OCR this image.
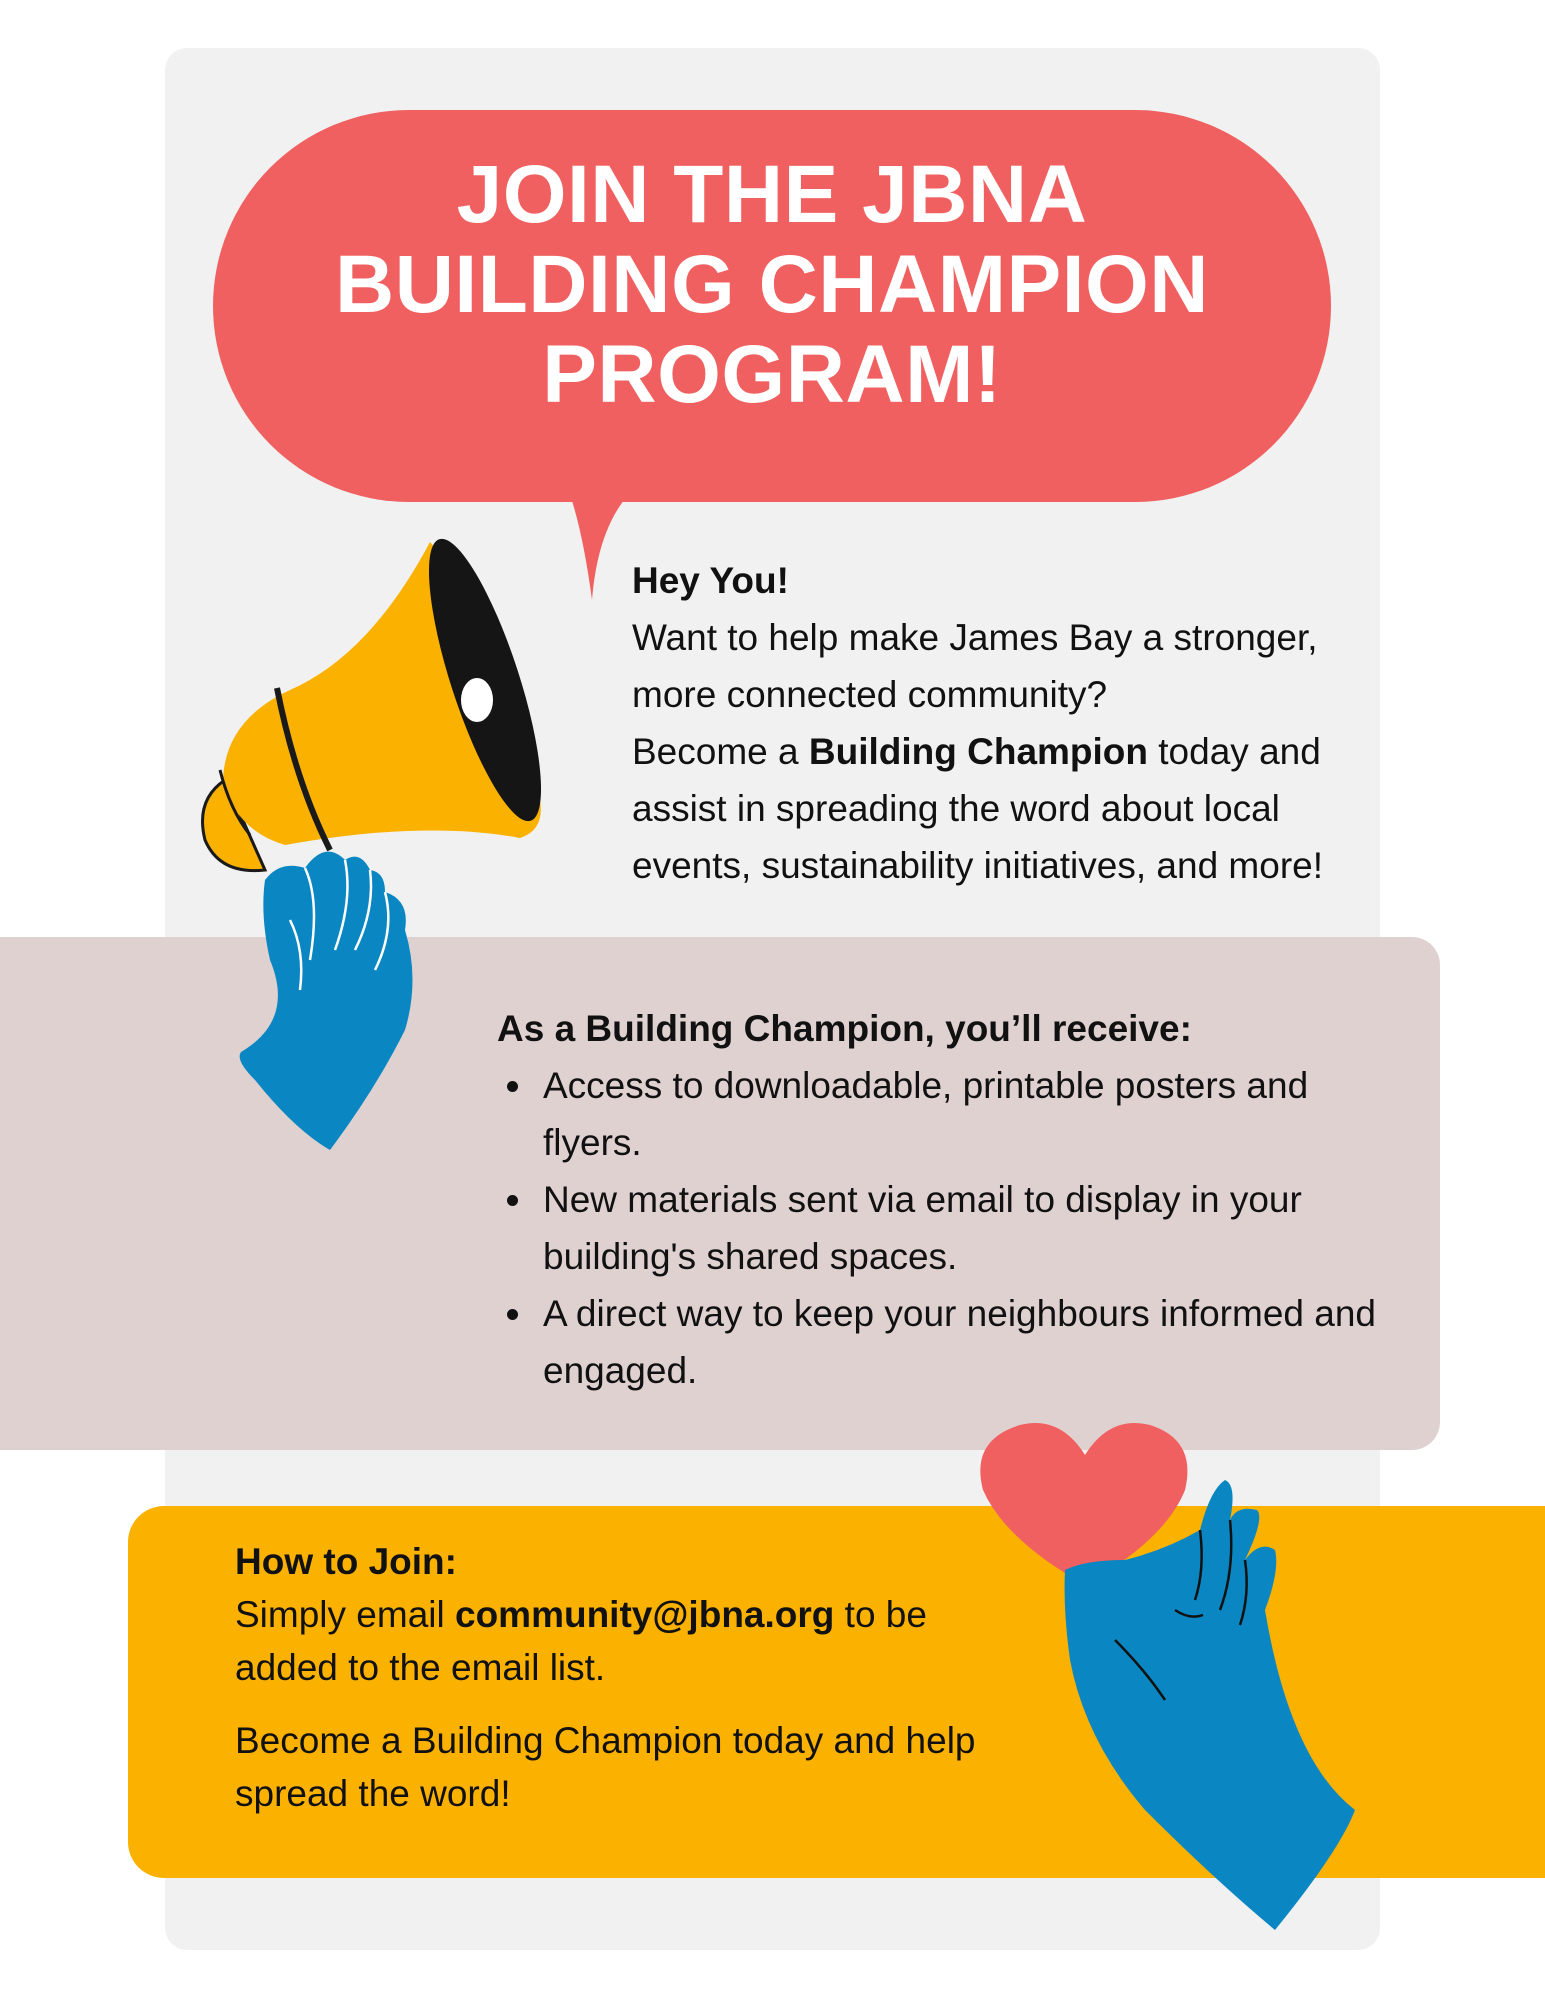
JOIN THE JBNA
BUILDING CHAMPION
PROGRAM!
Hey You!
Want to help make James Bay a stronger,
more connected community?
Become a Building Champion today and
assist in spreading the word about local
events, sustainability initiatives, and more!
As a Building Champion, you’ll receive:
Access to downloadable, printable posters and
flyers.
New materials sent via email to display in your
building's shared spaces.
A direct way to keep your neighbours informed and
engaged.
How to Join:
Simply email community@jbna.org to be
added to the email list.
Become a Building Champion today and help
spread the word!
